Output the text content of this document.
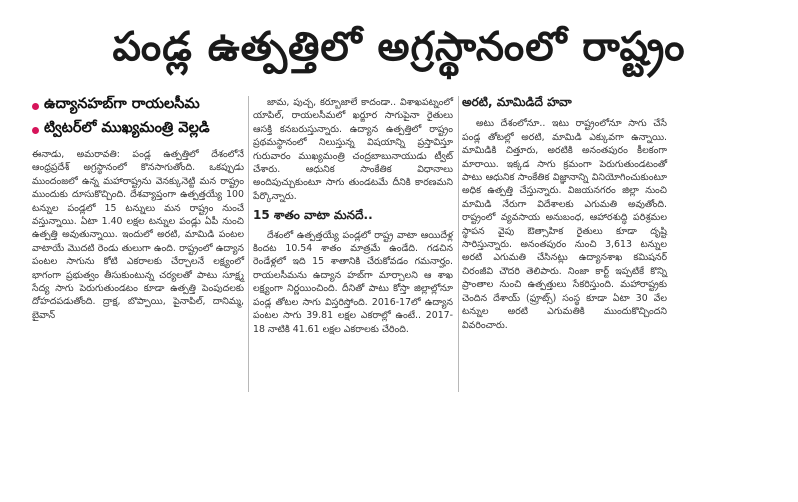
పండ్ల ఉత్పత్తిలో అగ్రస్థానంలో రాష్ట్రం
ఉద్యానహబ్‌గా రాయలసీమ
ట్విటర్‌లో ముఖ్యమంత్రి వెల్లడి

ఈనాడు, అమరావతి: పండ్ల ఉత్పత్తిలో దేశంలోనే ఆంధ్రప్రదేశ్ అగ్రస్థానంలో కొనసాగుతోంది. ఒకప్పుడు ముందంజలో ఉన్న మహారాష్ట్రను వెనక్కునెట్టి మన రాష్ట్రం ముందుకు దూసుకొచ్చింది. దేశవ్యాప్తంగా ఉత్పత్తయ్యే 100 టన్నుల పండ్లలో 15 టన్నులు మన రాష్ట్రం నుంచే వస్తున్నాయి. ఏటా 1.40 లక్షల టన్నుల పండ్లు ఏపీ నుంచి ఉత్పత్తి అవుతున్నాయి. ఇందులో అరటి, మామిడి పంటల వాటాయే మొదటి రెండు తులుగా ఉంది. రాష్ట్రంలో ఉద్యాన పంటల సాగును కోటి ఎకరాలకు చేర్చాలనే లక్ష్యంలో భాగంగా ప్రభుత్వం తీసుకుంటున్న చర్యలతో పాటు సూక్ష్మ సేద్య సాగు పెరుగుతుండటం కూడా ఉత్పత్తి పెంపుదలకు దోహదపడుతోంది. ద్రాక్ష, బొప్పాయి, పైనాపిల్, దానిమ్మ, బైవాన్

జామ, పుచ్చ, కర్బూజాలే కాదండా.. విశాఖపట్నంలో యాపిల్, రాయలసీమలో ఖర్జూర సాగుపైనా రైతులు ఆసక్తి కనబరుస్తున్నారు. ఉద్యాన ఉత్పత్తిలో రాష్ట్రం ప్రథమస్థానంలో నిలుస్తున్న విషయాన్ని ప్రస్తావిస్తూ గురువారం ముఖ్యమంత్రి చంద్రబాబునాయుడు ట్వీట్ చేశారు. ఆధునిక సాంకేతిక విధానాలు అందిపుచ్చుకుంటూ సాగు తుండటమే దీనికి కారణమని పేర్కొన్నారు.

15 శాతం వాటా మనదే..

దేశంలో ఉత్పత్తయ్యే పండ్లలో రాష్ట్ర వాటా ఆయిదేళ్ల కిందట 10.54 శాతం మాత్రమే ఉండేది. గడచిన రెండేళ్లలో ఇది 15 శాతానికి చేరుకోవడం గమనార్హం. రాయలసీమను ఉద్యాన హబ్‌గా మార్చాలని ఆ శాఖ లక్ష్యంగా నిర్ణయించింది. దీనితో పాటు కోస్తా జిల్లాల్లోనూ పండ్ల తోటల సాగు విస్తరిస్తోంది. 2016-17లో ఉద్యాన పంటల సాగు 39.81 లక్షల ఎకరాల్లో ఉంటే.. 2017-18 నాటికి 41.61 లక్షల ఎకరాలకు చేరింది.

అరటి, మామిడిదే హవా

అటు దేశంలోనూ.. ఇటు రాష్ట్రంలోనూ సాగు చేసే పండ్ల తోటల్లో అరటి, మామిడి ఎక్కువగా ఉన్నాయి. మామిడికి చిత్తూరు, అరటికి అనంతపురం కీలకంగా మారాయి. ఇక్కడ సాగు క్రమంగా పెరుగుతుండటంతో పాటు ఆధునిక సాంకేతిక విజ్ఞానాన్ని వినియోగించుకుంటూ అధిక ఉత్పత్తి చేస్తున్నారు. విజయనగరం జిల్లా నుంచి మామిడి నేరుగా విదేశాలకు ఎగుమతి అవుతోంది. రాష్ట్రంలో వ్యవసాయ అనుబంధ, ఆహారశుద్ధి పరిశ్రమల స్థాపన వైపు ఔత్సాహిక రైతులు కూడా దృష్టి సారిస్తున్నారు. అనంతపురం నుంచి 3,613 టన్నుల అరటి ఎగుమతి చేసినట్లు ఉద్యానశాఖ కమిషనర్ చిరంజీవి చౌదరి తెలిపారు. నింజా కార్ట్ ఇప్పటికే కొన్ని ప్రాంతాల నుంచి ఉత్పత్తులు సేకరిస్తుంది. మహారాష్ట్రకు చెందిన దేశాయ్ (ఫ్రూట్స్) సంస్థ కూడా ఏటా 30 వేల టన్నుల అరటి ఎగుమతికి ముందుకొచ్చిందని వివరించారు.
